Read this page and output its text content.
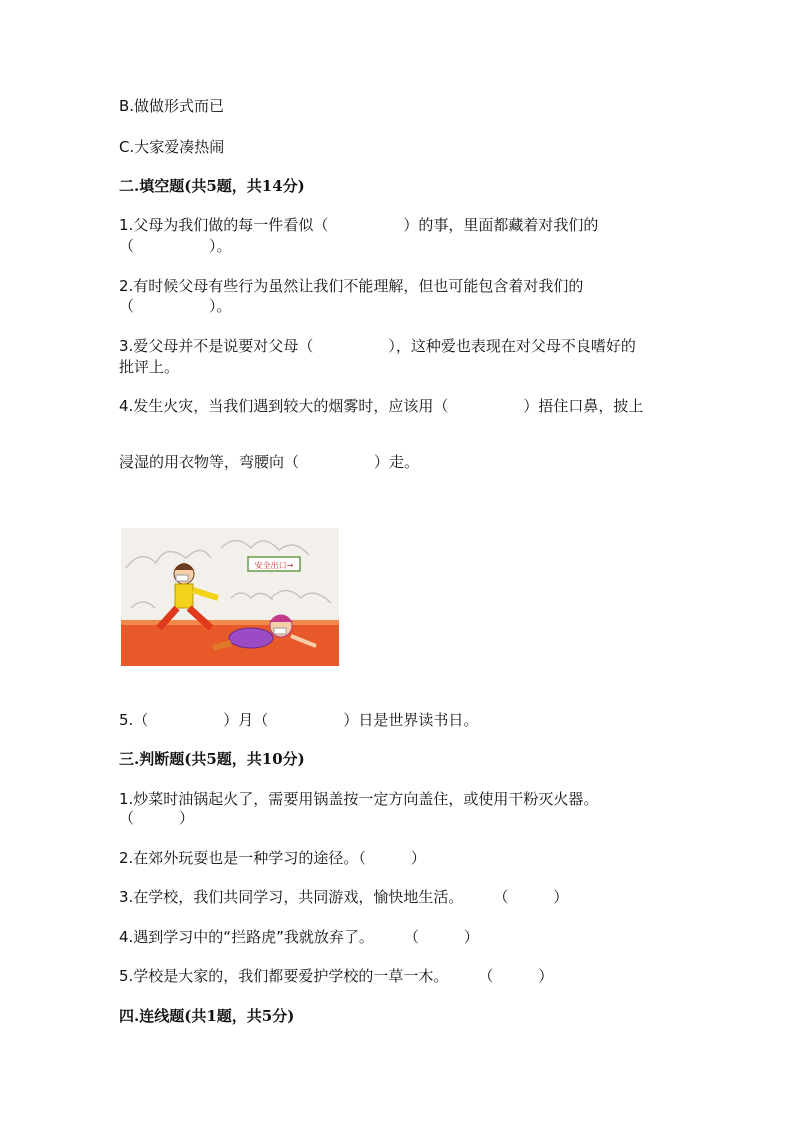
B.做做形式而已
C.大家爱凑热闹
二.填空题(共5题，共14分)
1.父母为我们做的每一件看似（　　　　　）的事，里面都藏着对我们的
（　　　　　）。
2.有时候父母有些行为虽然让我们不能理解，但也可能包含着对我们的
（　　　　　）。
3.爱父母并不是说要对父母（　　　　　），这种爱也表现在对父母不良嗜好的
批评上。
4.发生火灾，当我们遇到较大的烟雾时，应该用（　　　　　）捂住口鼻，披上
浸湿的用衣物等，弯腰向（　　　　　）走。
安全出口→
5.（　　　　　）月（　　　　　）日是世界读书日。
三.判断题(共5题，共10分)
1.炒菜时油锅起火了，需要用锅盖按一定方向盖住，或使用干粉灭火器。
（　　　）
2.在郊外玩耍也是一种学习的途径。（　　　）
3.在学校，我们共同学习，共同游戏，愉快地生活。　　　（　　　）
4.遇到学习中的“拦路虎”我就放弃了。　　　（　　　）
5.学校是大家的，我们都要爱护学校的一草一木。　　　（　　　）
四.连线题(共1题，共5分)
